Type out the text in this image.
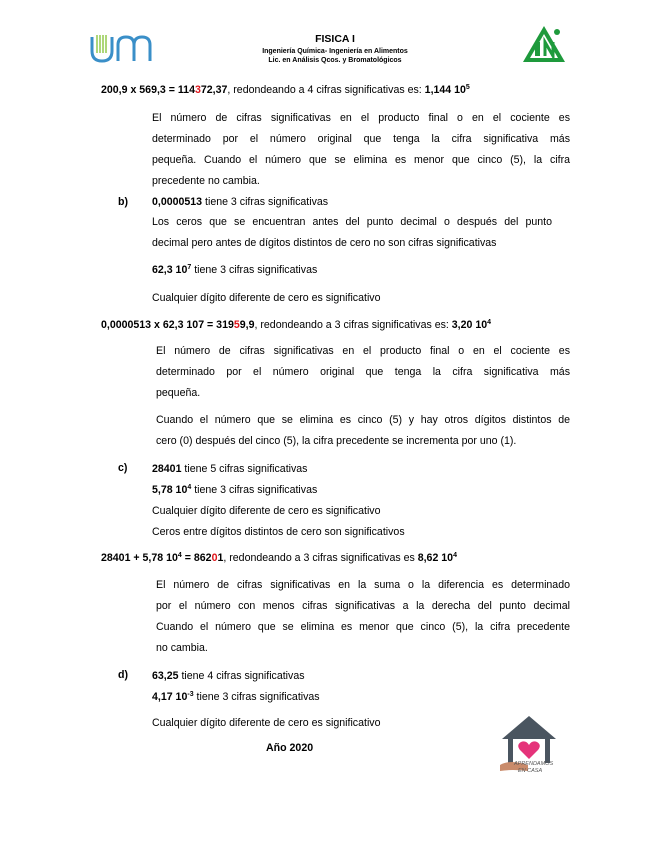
FISICA I
Ingeniería Química- Ingeniería en Alimentos
Lic. en Análisis Qcos. y Bromatológicos
200,9 x 569,3 = 114372,37, redondeando a 4 cifras significativas es: 1,144 $10^5$
El número de cifras significativas en el producto final o en el cociente es
determinado por el número original que tenga la cifra significativa más
pequeña. Cuando el número que se elimina es menor que cinco (5), la cifra
precedente no cambia.
b) 0,0000513 tiene 3 cifras significativas
Los ceros que se encuentran antes del punto decimal o después del punto
decimal pero antes de dígitos distintos de cero no son cifras significativas
62,3 $10^7$ tiene 3 cifras significativas
Cualquier dígito diferente de cero es significativo
0,0000513 x 62,3 107 = 31959,9, redondeando a 3 cifras significativas es: 3,20 $10^4$
El número de cifras significativas en el producto final o en el cociente es
determinado por el número original que tenga la cifra significativa más
pequeña.
Cuando el número que se elimina es cinco (5) y hay otros dígitos distintos de
cero (0) después del cinco (5), la cifra precedente se incrementa por uno (1).
c) 28401 tiene 5 cifras significativas
5,78 $10^4$ tiene 3 cifras significativas
Cualquier dígito diferente de cero es significativo
Ceros entre dígitos distintos de cero son significativos
28401 + 5,78 $10^4 = 86201$, redondeando a 3 cifras significativas es 8,62 $10^4$
El número de cifras significativas en la suma o la diferencia es determinado
por el número con menos cifras significativas a la derecha del punto decimal
Cuando el número que se elimina es menor que cinco (5), la cifra precedente
no cambia.
d) 63,25 tiene 4 cifras significativas
4,17 $10^{-3}$ tiene 3 cifras significativas
Cualquier dígito diferente de cero es significativo
Año 2020
APRENDAMOS
EN CASA
